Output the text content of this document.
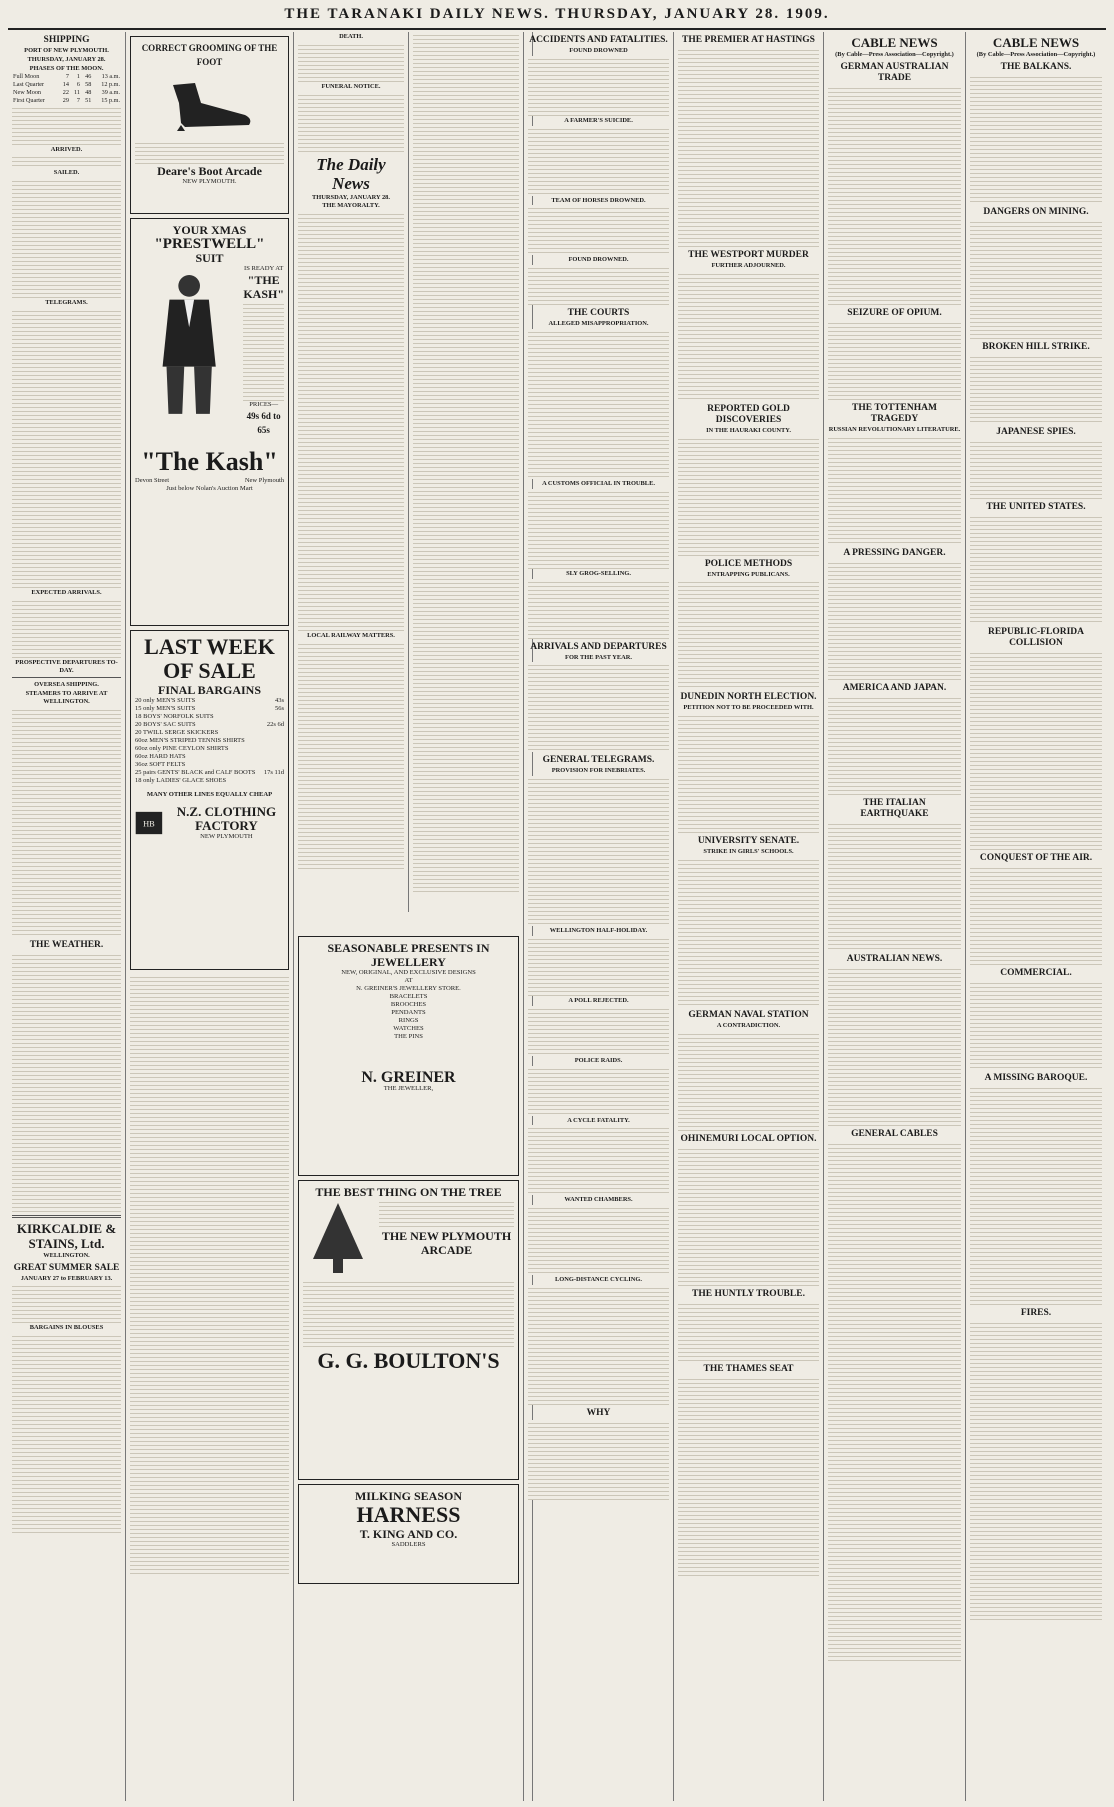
THE TARANAKI DAILY NEWS. THURSDAY, JANUARY 28. 1909.
SHIPPING
PORT OF NEW PLYMOUTH.
THURSDAY, JANUARY 28.
PHASES OF THE MOON.
Full Moon	7	1	46	13 a.m.
Last Quarter	14	6	58	12 p.m.
New Moon	22	11	48	39 a.m.
First Quarter	29	7	51	15 p.m.
ARRIVED.
SAILED.
TELEGRAMS.
EXPECTED ARRIVALS.
PROSPECTIVE DEPARTURES TO-DAY.
OVERSEA SHIPPING.
STEAMERS TO ARRIVE AT WELLINGTON.
THE WEATHER.
KIRKCALDIE & STAINS, Ltd.
WELLINGTON.
GREAT SUMMER SALE
JANUARY 27 to FEBRUARY 13.
BARGAINS IN BLOUSES
CORRECT GROOMING OF THE FOOT
Deare's Boot Arcade
NEW PLYMOUTH.
YOUR XMAS
"PRESTWELL"
SUIT
IS READY AT
"THE KASH"
PRICES—
49s 6d to 65s
"The Kash"
Devon Street	New Plymouth
Just below Nolan's Auction Mart
LAST WEEK OF SALE
FINAL BARGAINS
20 only MEN'S SUITS	43s
15 only MEN'S SUITS	56s
18 BOYS' NORFOLK SUITS
20 BOYS' SAC SUITS	22s 6d
20 TWILL SERGE SKICKERS
60oz MEN'S STRIPED TENNIS SHIRTS
60oz only PINE CEYLON SHIRTS
60oz HARD HATS
36oz SOFT FELTS
25 pairs GENTS' BLACK and CALF BOOTS 17s 11d
18 only LADIES' GLACE SHOES
MANY OTHER LINES EQUALLY CHEAP
HB
N.Z. CLOTHING FACTORY
NEW PLYMOUTH
SEASONABLE PRESENTS IN JEWELLERY
NEW, ORIGINAL, AND EXCLUSIVE DESIGNS
AT
N. GREINER'S JEWELLERY STORE.
BRACELETS
BROOCHES
PENDANTS
RINGS
WATCHES
THE PINS
N. GREINER
THE JEWELLER,
THE BEST THING ON THE TREE
THE NEW PLYMOUTH
ARCADE
G. G. BOULTON'S
MILKING SEASON
HARNESS
T. KING AND CO.
SADDLERS
DEATH.
FUNERAL NOTICE.
The Daily News
THURSDAY, JANUARY 28.
THE MAYORALTY.
LOCAL RAILWAY MATTERS.
ACCIDENTS AND FATALITIES.
FOUND DROWNED
A FARMER'S SUICIDE.
TEAM OF HORSES DROWNED.
FOUND DROWNED.
THE COURTS
ALLEGED MISAPPROPRIATION.
A CUSTOMS OFFICIAL IN TROUBLE.
SLY GROG-SELLING.
ARRIVALS AND DEPARTURES
FOR THE PAST YEAR.
GENERAL TELEGRAMS.
PROVISION FOR INEBRIATES.
WELLINGTON HALF-HOLIDAY.
A POLL REJECTED.
POLICE RAIDS.
A CYCLE FATALITY.
WANTED CHAMBERS.
LONG-DISTANCE CYCLING.
WHY
THE PREMIER AT HASTINGS
THE WESTPORT MURDER
FURTHER ADJOURNED.
REPORTED GOLD DISCOVERIES
IN THE HAURAKI COUNTY.
POLICE METHODS
ENTRAPPING PUBLICANS.
DUNEDIN NORTH ELECTION.
PETITION NOT TO BE PROCEEDED WITH.
UNIVERSITY SENATE.
STRIKE IN GIRLS' SCHOOLS.
GERMAN NAVAL STATION
A CONTRADICTION.
OHINEMURI LOCAL OPTION.
THE HUNTLY TROUBLE.
THE THAMES SEAT
CABLE NEWS
(By Cable—Press Association—Copyright.)
GERMAN AUSTRALIAN TRADE
SEIZURE OF OPIUM.
THE TOTTENHAM TRAGEDY
RUSSIAN REVOLUTIONARY LITERATURE.
A PRESSING DANGER.
AMERICA AND JAPAN.
THE ITALIAN EARTHQUAKE
AUSTRALIAN NEWS.
GENERAL CABLES
CABLE NEWS
(By Cable—Press Association—Copyright.)
THE BALKANS.
DANGERS ON MINING.
BROKEN HILL STRIKE.
JAPANESE SPIES.
THE UNITED STATES.
REPUBLIC-FLORIDA COLLISION
CONQUEST OF THE AIR.
COMMERCIAL.
A MISSING BAROQUE.
FIRES.
